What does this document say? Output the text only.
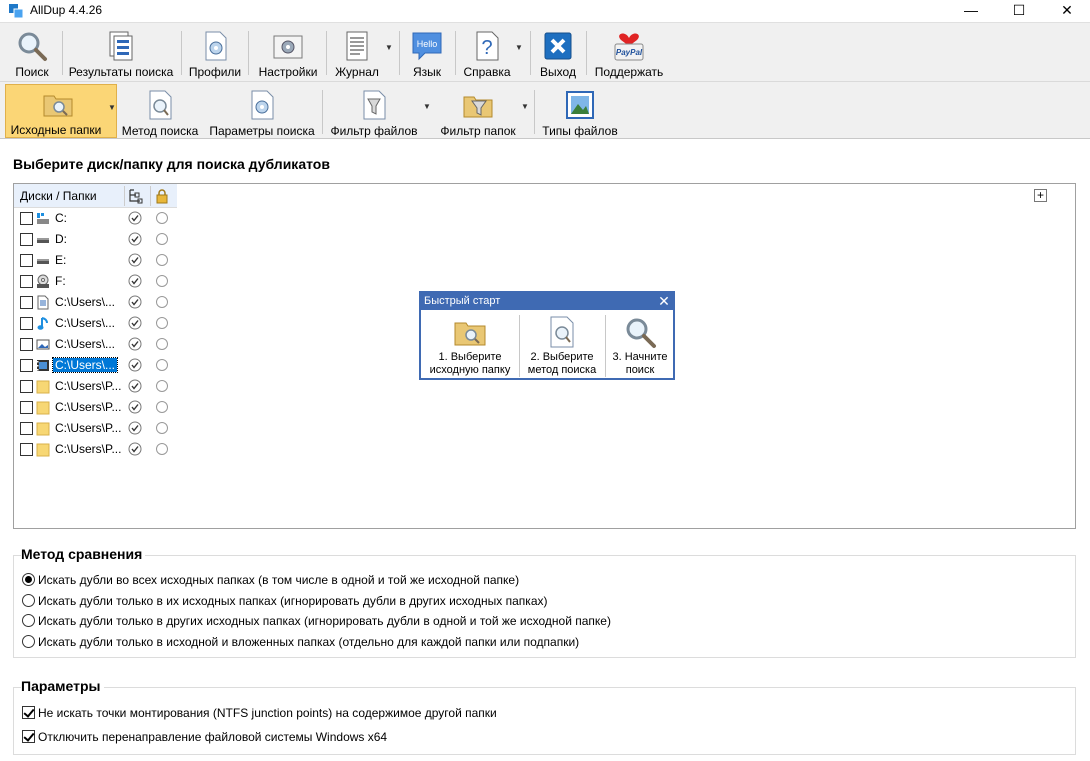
AllDup 4.4.26	—	☐	✕
Поиск	Результаты поиска Профили	Настройки	Журнал
▼	Hello
Язык
?
Справка
▼
Выход
PayPal
Поддержать
Исходные папки
▼
Метод поиска Параметры поиска Фильтр файлов
▼
Фильтр папок
▼
Типы файлов
Выберите диск/папку для поиска дубликатов
Диски / Папки	+
C:
D:
E:
F:
C:\Users\...
C:\Users\...
C:\Users\...
C:\Users\...
C:\Users\P...
C:\Users\P...
C:\Users\P...
C:\Users\P...
Быстрый старт	✕
1. Выберите
исходную папку
2. Выберите
метод поиска
3. Начните
поиск
Метод сравнения
Искать дубли во всех исходных папках (в том числе в одной и той же исходной папке)
Искать дубли только в их исходных папках (игнорировать дубли в других исходных папках)
Искать дубли только в других исходных папках (игнорировать дубли в одной и той же исходной папке)
Искать дубли только в исходной и вложенных папках (отдельно для каждой папки или подпапки)
Параметры
Не искать точки монтирования (NTFS junction points) на содержимое другой папки
Отключить перенаправление файловой системы Windows x64
